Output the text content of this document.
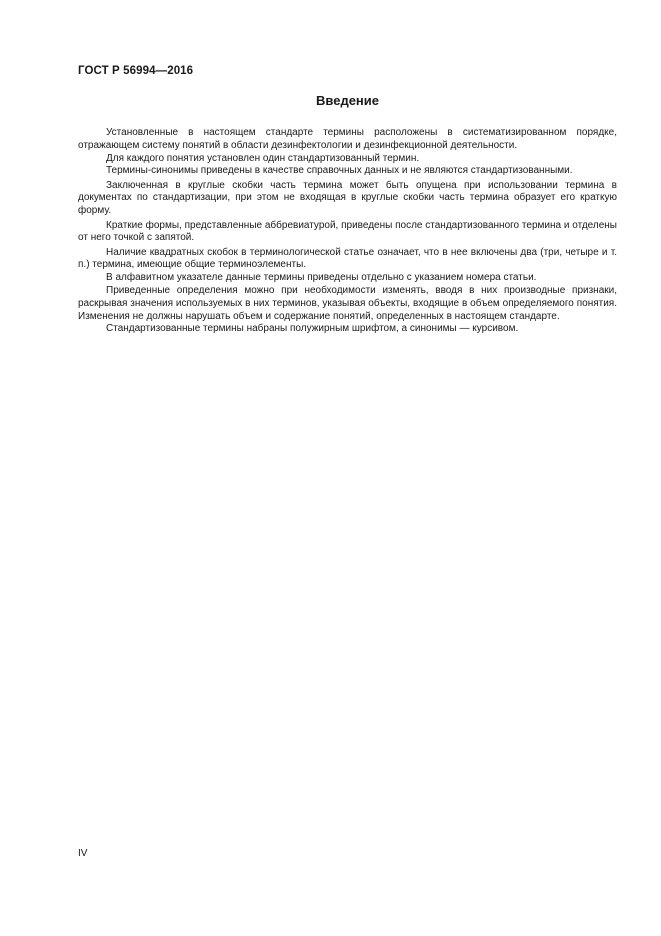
ГОСТ Р 56994—2016
Введение

Установленные в настоящем стандарте термины расположены в систематизированном порядке, отражающем систему понятий в области дезинфектологии и дезинфекционной деятельности.

Для каждого понятия установлен один стандартизованный термин.

Термины-синонимы приведены в качестве справочных данных и не являются стандартизованными.

Заключенная в круглые скобки часть термина может быть опущена при использовании термина в документах по стандартизации, при этом не входящая в круглые скобки часть термина образует его краткую форму.

Краткие формы, представленные аббревиатурой, приведены после стандартизованного термина и отделены от него точкой с запятой.

Наличие квадратных скобок в терминологической статье означает, что в нее включены два (три, четыре и т. п.) термина, имеющие общие терминоэлементы.

В алфавитном указателе данные термины приведены отдельно с указанием номера статьи.

Приведенные определения можно при необходимости изменять, вводя в них производные признаки, раскрывая значения используемых в них терминов, указывая объекты, входящие в объем определяемого понятия. Изменения не должны нарушать объем и содержание понятий, определенных в настоящем стандарте.

Стандартизованные термины набраны полужирным шрифтом, а синонимы — курсивом.

IV
